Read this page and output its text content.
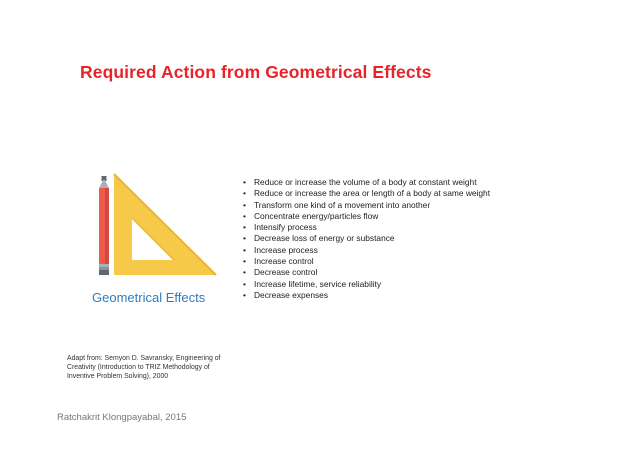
Required Action from Geometrical Effects
Geometrical Effects
• Reduce or increase the volume of a body at constant weight
• Reduce or increase the area or length of a body at same weight
• Transform one kind of a movement into another
• Concentrate energy/particles flow
• Intensify process
• Decrease loss of energy or substance
• Increase process
• Increase control
• Decrease control
• Increase lifetime, service reliability
• Decrease expenses

Adapt from: Semyon D. Savransky, Engineering of Creativity (Introduction to TRIZ Methodology of Inventive Problem Solving), 2000

Ratchakrit Klongpayabal, 2015
